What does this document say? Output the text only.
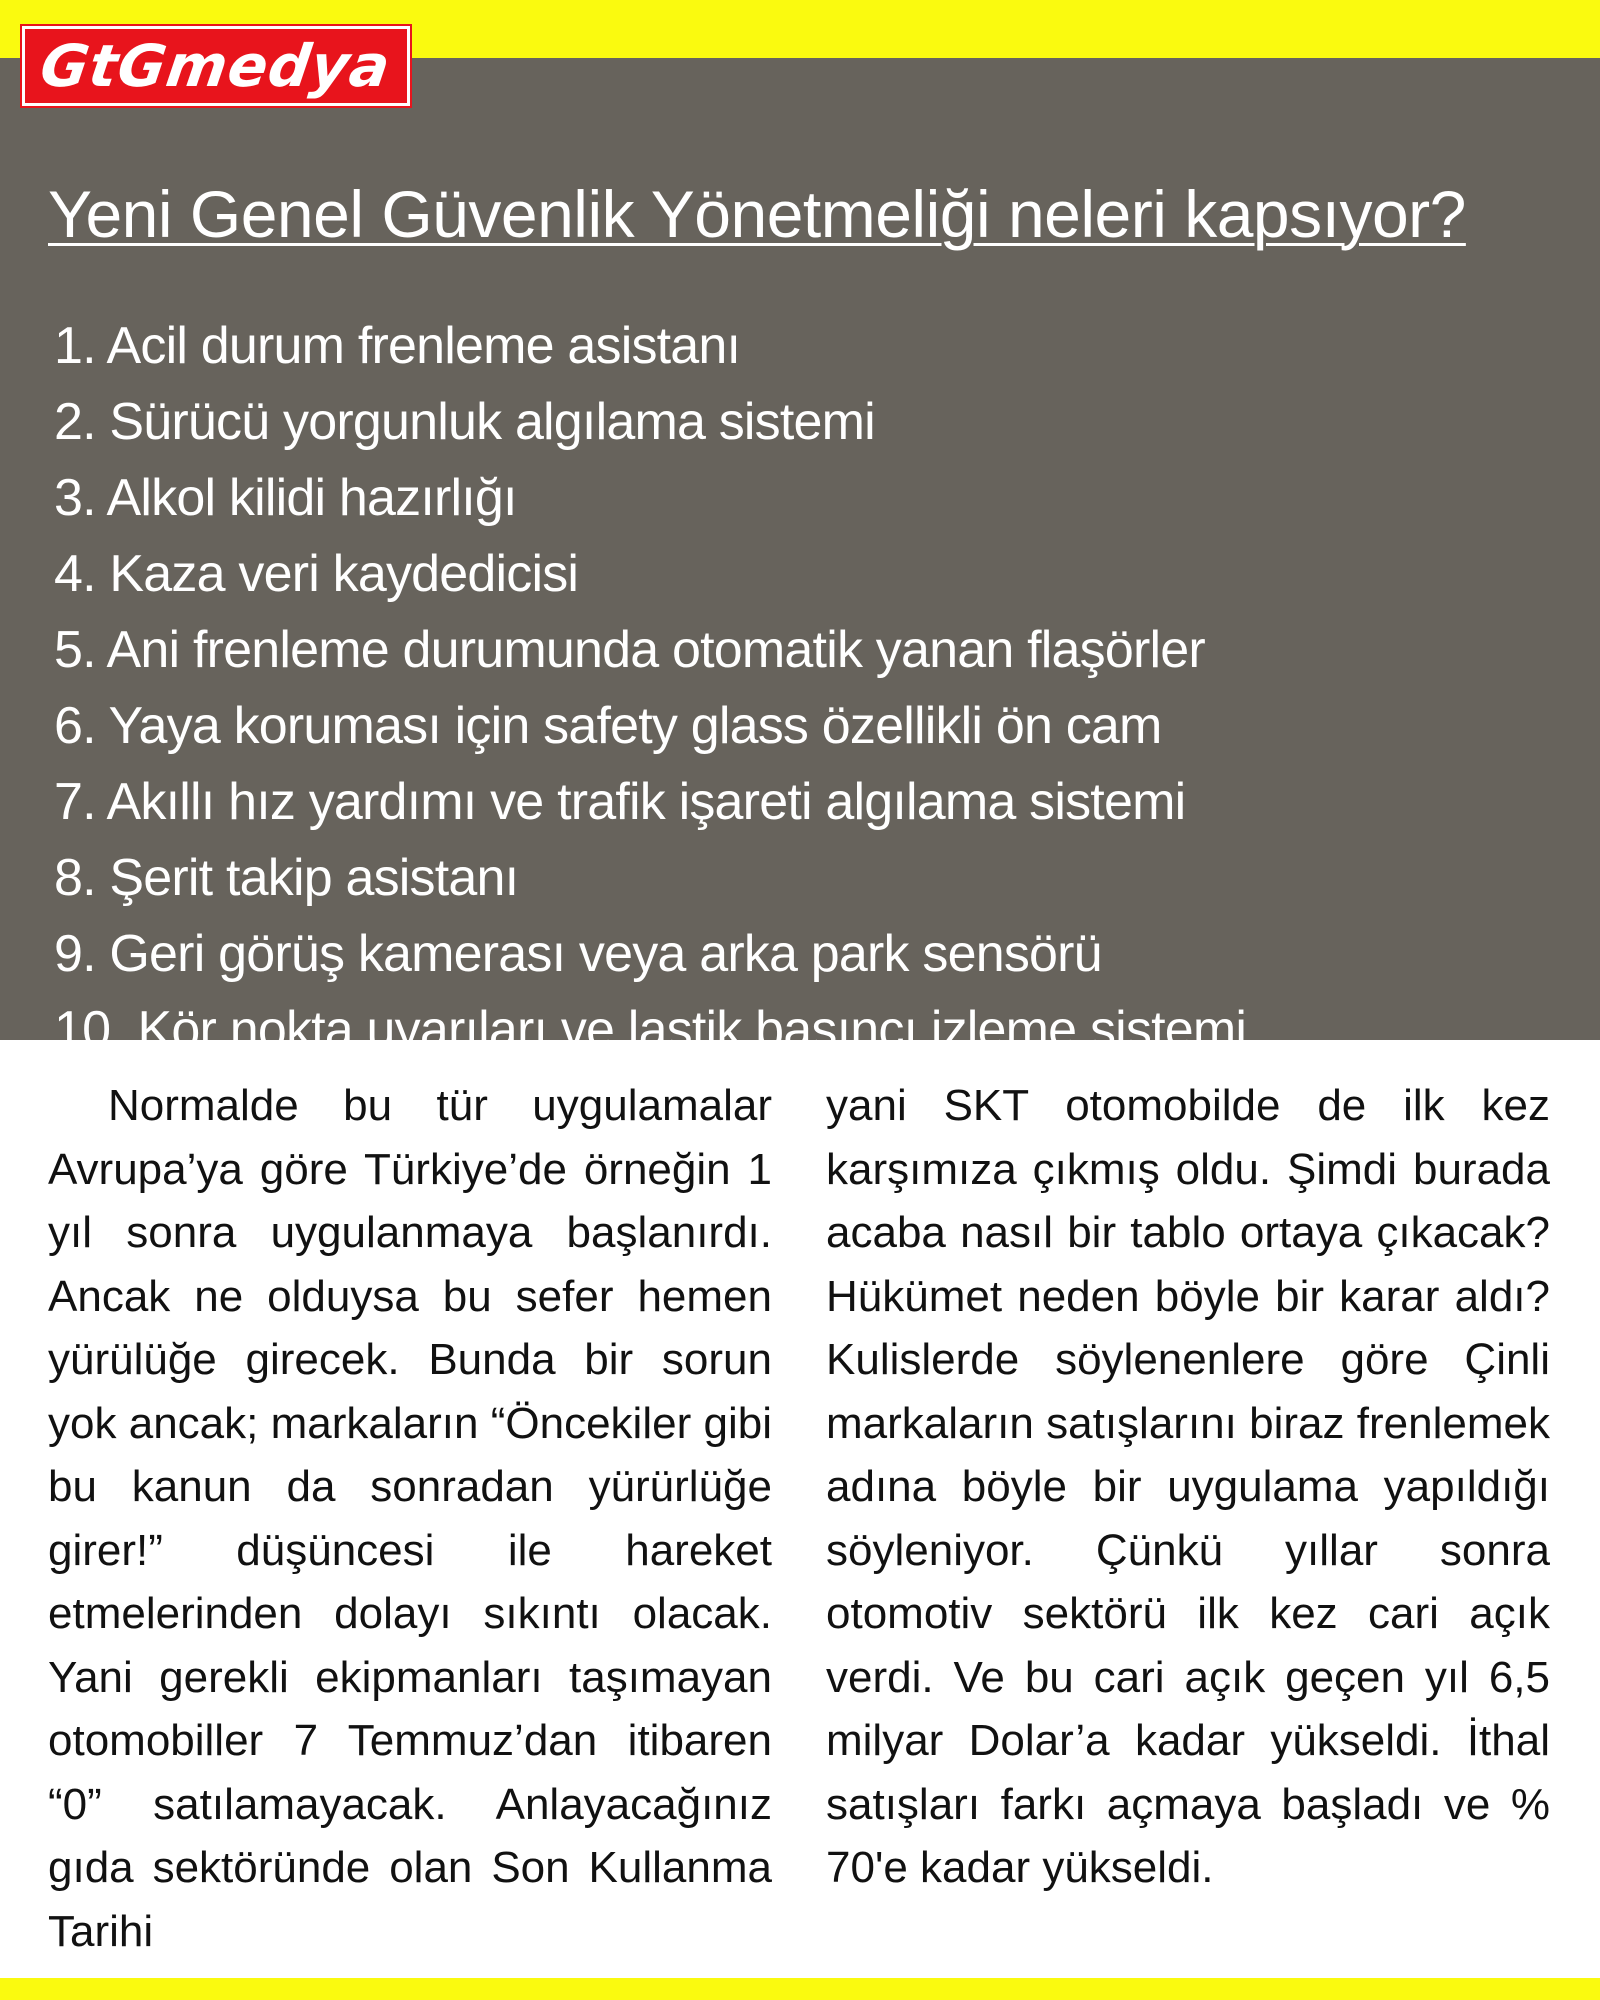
Yeni Genel Güvenlik Yönetmeliği neleri kapsıyor?
1. Acil durum frenleme asistanı
2. Sürücü yorgunluk algılama sistemi
3. Alkol kilidi hazırlığı
4. Kaza veri kaydedicisi
5. Ani frenleme durumunda otomatik yanan flaşörler
6. Yaya koruması için safety glass özellikli ön cam
7. Akıllı hız yardımı ve trafik işareti algılama sistemi
8. Şerit takip asistanı
9. Geri görüş kamerası veya arka park sensörü
10. Kör nokta uyarıları ve lastik basıncı izleme sistemi
GtGmedya

Normalde bu tür uygulamalar Avrupa’ya göre Türkiye’de örneğin 1 yıl sonra uygulanmaya başlanırdı. Ancak ne olduysa bu sefer hemen yürülüğe girecek. Bunda bir sorun yok ancak; markaların “Öncekiler gibi bu kanun da sonradan yürürlüğe girer!” düşüncesi ile hareket etmelerinden dolayı sıkıntı olacak. Yani gerekli ekipmanları taşımayan otomobiller 7 Temmuz’dan itibaren “0” satılamayacak. Anlayacağınız gıda sektöründe olan Son Kullanma Tarihi

yani SKT otomobilde de ilk kez karşımıza çıkmış oldu. Şimdi burada acaba nasıl bir tablo ortaya çıkacak? Hükümet neden böyle bir karar aldı? Kulislerde söylenenlere göre Çinli markaların satışlarını biraz frenlemek adına böyle bir uygulama yapıldığı söyleniyor. Çünkü yıllar sonra otomotiv sektörü ilk kez cari açık verdi. Ve bu cari açık geçen yıl 6,5 milyar Dolar’a kadar yükseldi. İthal satışları farkı açmaya başladı ve % 70'e kadar yükseldi.
